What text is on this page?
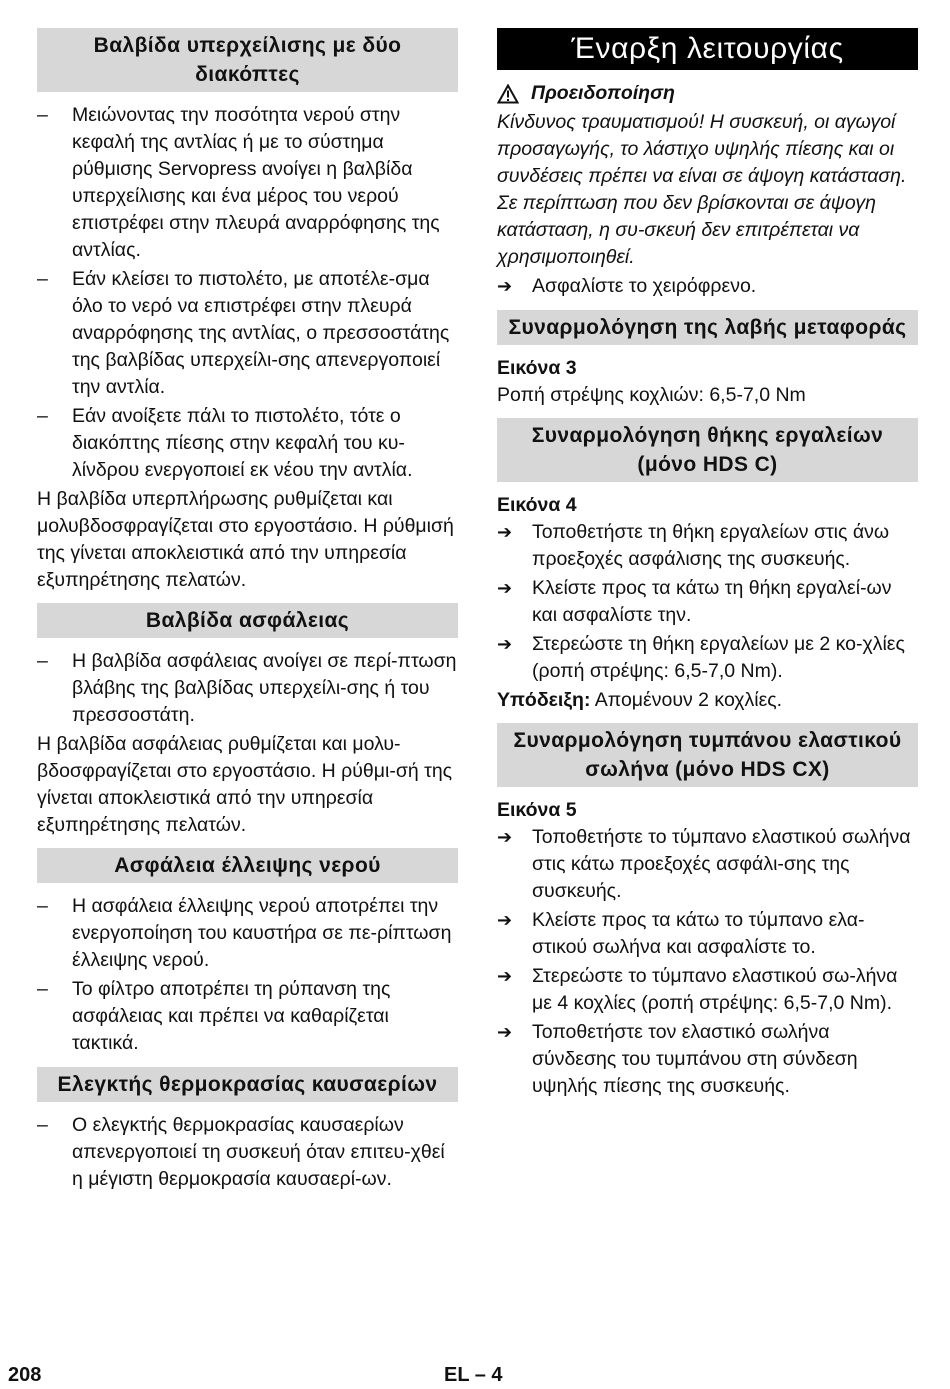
Βαλβίδα υπερχείλισης με δύο διακόπτες
–	Μειώνοντας την ποσότητα νερού στην κεφαλή της αντλίας ή με το σύστημα ρύθμισης Servopress ανοίγει η βαλβίδα υπερχείλισης και ένα μέρος του νερού επιστρέφει στην πλευρά αναρρόφησης της αντλίας.
–	Εάν κλείσει το πιστολέτο, με αποτέλε-σμα όλο το νερό να επιστρέφει στην πλευρά αναρρόφησης της αντλίας, ο πρεσσοστάτης της βαλβίδας υπερχείλι-σης απενεργοποιεί την αντλία.
–	Εάν ανοίξετε πάλι το πιστολέτο, τότε ο διακόπτης πίεσης στην κεφαλή του κυ-λίνδρου ενεργοποιεί εκ νέου την αντλία.

Η βαλβίδα υπερπλήρωσης ρυθμίζεται και μολυβδοσφραγίζεται στο εργοστάσιο. Η ρύθμισή της γίνεται αποκλειστικά από την υπηρεσία εξυπηρέτησης πελατών.

Βαλβίδα ασφάλειας
–	Η βαλβίδα ασφάλειας ανοίγει σε περί-πτωση βλάβης της βαλβίδας υπερχείλι-σης ή του πρεσσοστάτη.

Η βαλβίδα ασφάλειας ρυθμίζεται και μολυ-βδοσφραγίζεται στο εργοστάσιο. Η ρύθμι-σή της γίνεται αποκλειστικά από την υπηρεσία εξυπηρέτησης πελατών.

Ασφάλεια έλλειψης νερού
–	Η ασφάλεια έλλειψης νερού αποτρέπει την ενεργοποίηση του καυστήρα σε πε-ρίπτωση έλλειψης νερού.
–	Το φίλτρο αποτρέπει τη ρύπανση της ασφάλειας και πρέπει να καθαρίζεται τακτικά.
Ελεγκτής θερμοκρασίας καυσαερίων
–	Ο ελεγκτής θερμοκρασίας καυσαερίων απενεργοποιεί τη συσκευή όταν επιτευ-χθεί η μέγιστη θερμοκρασία καυσαερί-ων.
Έναρξη λειτουργίας
Προειδοποίηση
Κίνδυνος τραυματισμού! Η συσκευή, οι αγωγοί προσαγωγής, το λάστιχο υψηλής πίεσης και οι συνδέσεις πρέπει να είναι σε άψογη κατάσταση. Σε περίπτωση που δεν βρίσκονται σε άψογη κατάσταση, η συ-σκευή δεν επιτρέπεται να χρησιμοποιηθεί.
➔	Ασφαλίστε το χειρόφρενο.
Συναρμολόγηση της λαβής μεταφοράς
Εικόνα 3

Ροπή στρέψης κοχλιών: 6,5-7,0 Nm

Συναρμολόγηση θήκης εργαλείων (μόνο HDS C)
Εικόνα 4
➔	Τοποθετήστε τη θήκη εργαλείων στις άνω προεξοχές ασφάλισης της συσκευής.
➔	Κλείστε προς τα κάτω τη θήκη εργαλεί-ων και ασφαλίστε την.
➔	Στερεώστε τη θήκη εργαλείων με 2 κο-χλίες (ροπή στρέψης: 6,5-7,0 Nm).

Υπόδειξη: Απομένουν 2 κοχλίες.

Συναρμολόγηση τυμπάνου ελαστικού σωλήνα (μόνο HDS CX)
Εικόνα 5
➔	Τοποθετήστε το τύμπανο ελαστικού σωλήνα στις κάτω προεξοχές ασφάλι-σης της συσκευής.
➔	Κλείστε προς τα κάτω το τύμπανο ελα-στικού σωλήνα και ασφαλίστε το.
➔	Στερεώστε το τύμπανο ελαστικού σω-λήνα με 4 κοχλίες (ροπή στρέψης: 6,5-7,0 Nm).
➔	Τοποθετήστε τον ελαστικό σωλήνα σύνδεσης του τυμπάνου στη σύνδεση υψηλής πίεσης της συσκευής.
208	EL – 4
